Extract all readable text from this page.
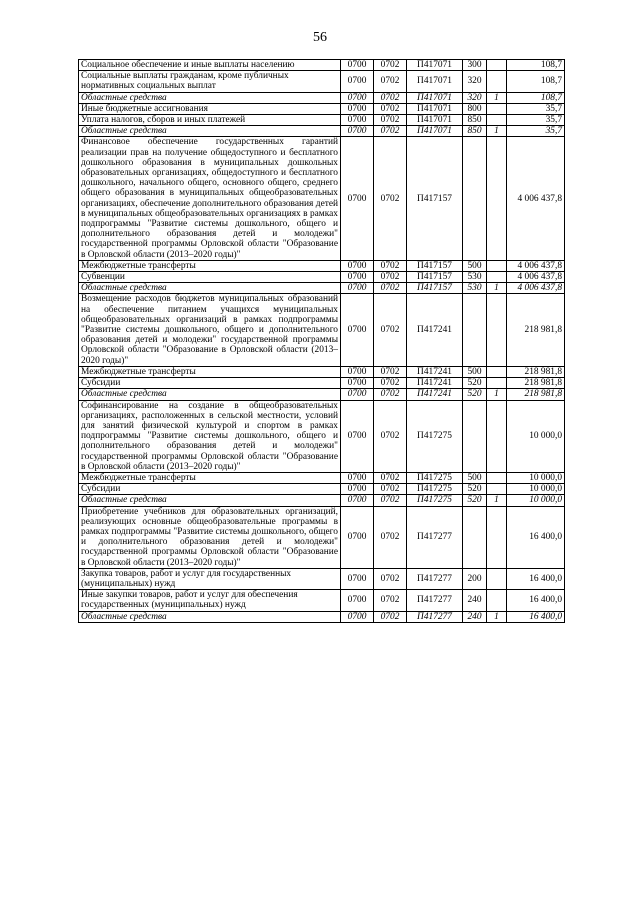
56
Социальное обеспечение и иные выплаты населению	0700	0702	П417071	300		108,7
Социальные выплаты гражданам, кроме публичных нормативных социальных выплат	0700	0702	П417071	320		108,7
Областные средства	0700	0702	П417071	320	1	108,7
Иные бюджетные ассигнования	0700	0702	П417071	800		35,7
Уплата налогов, сборов и иных платежей	0700	0702	П417071	850		35,7
Областные средства	0700	0702	П417071	850	1	35,7
Финансовое обеспечение государственных гарантий реализации прав на получение общедоступного и бесплатного дошкольного образования в муниципальных дошкольных образовательных организациях, общедоступного и бесплатного дошкольного, начального общего, основного общего, среднего общего образования в муниципальных общеобразовательных организациях, обеспечение дополнительного образования детей в муниципальных общеобразовательных организациях в рамках подпрограммы "Развитие системы дошкольного, общего и дополнительного образования детей и молодежи" государственной программы Орловской области "Образование в Орловской области (2013–2020 годы)"	0700	0702	П417157			4 006 437,8
Межбюджетные трансферты	0700	0702	П417157	500		4 006 437,8
Субвенции	0700	0702	П417157	530		4 006 437,8
Областные средства	0700	0702	П417157	530	1	4 006 437,8
Возмещение расходов бюджетов муниципальных образований на обеспечение питанием учащихся муниципальных общеобразовательных организаций в рамках подпрограммы "Развитие системы дошкольного, общего и дополнительного образования детей и молодежи" государственной программы Орловской области "Образование в Орловской области (2013–2020 годы)"	0700	0702	П417241			218 981,8
Межбюджетные трансферты	0700	0702	П417241	500		218 981,8
Субсидии	0700	0702	П417241	520		218 981,8
Областные средства	0700	0702	П417241	520	1	218 981,8
Софинансирование на создание в общеобразовательных организациях, расположенных в сельской местности, условий для занятий физической культурой и спортом в рамках подпрограммы "Развитие системы дошкольного, общего и дополнительного образования детей и молодежи" государственной программы Орловской области "Образование в Орловской области (2013–2020 годы)"	0700	0702	П417275			10 000,0
Межбюджетные трансферты	0700	0702	П417275	500		10 000,0
Субсидии	0700	0702	П417275	520		10 000,0
Областные средства	0700	0702	П417275	520	1	10 000,0
Приобретение учебников для образовательных организаций, реализующих основные общеобразовательные программы в рамках подпрограммы "Развитие системы дошкольного, общего и дополнительного образования детей и молодежи" государственной программы Орловской области "Образование в Орловской области (2013–2020 годы)"	0700	0702	П417277			16 400,0
Закупка товаров, работ и услуг для государственных (муниципальных) нужд	0700	0702	П417277	200		16 400,0
Иные закупки товаров, работ и услуг для обеспечения государственных (муниципальных) нужд	0700	0702	П417277	240		16 400,0
Областные средства	0700	0702	П417277	240	1	16 400,0
